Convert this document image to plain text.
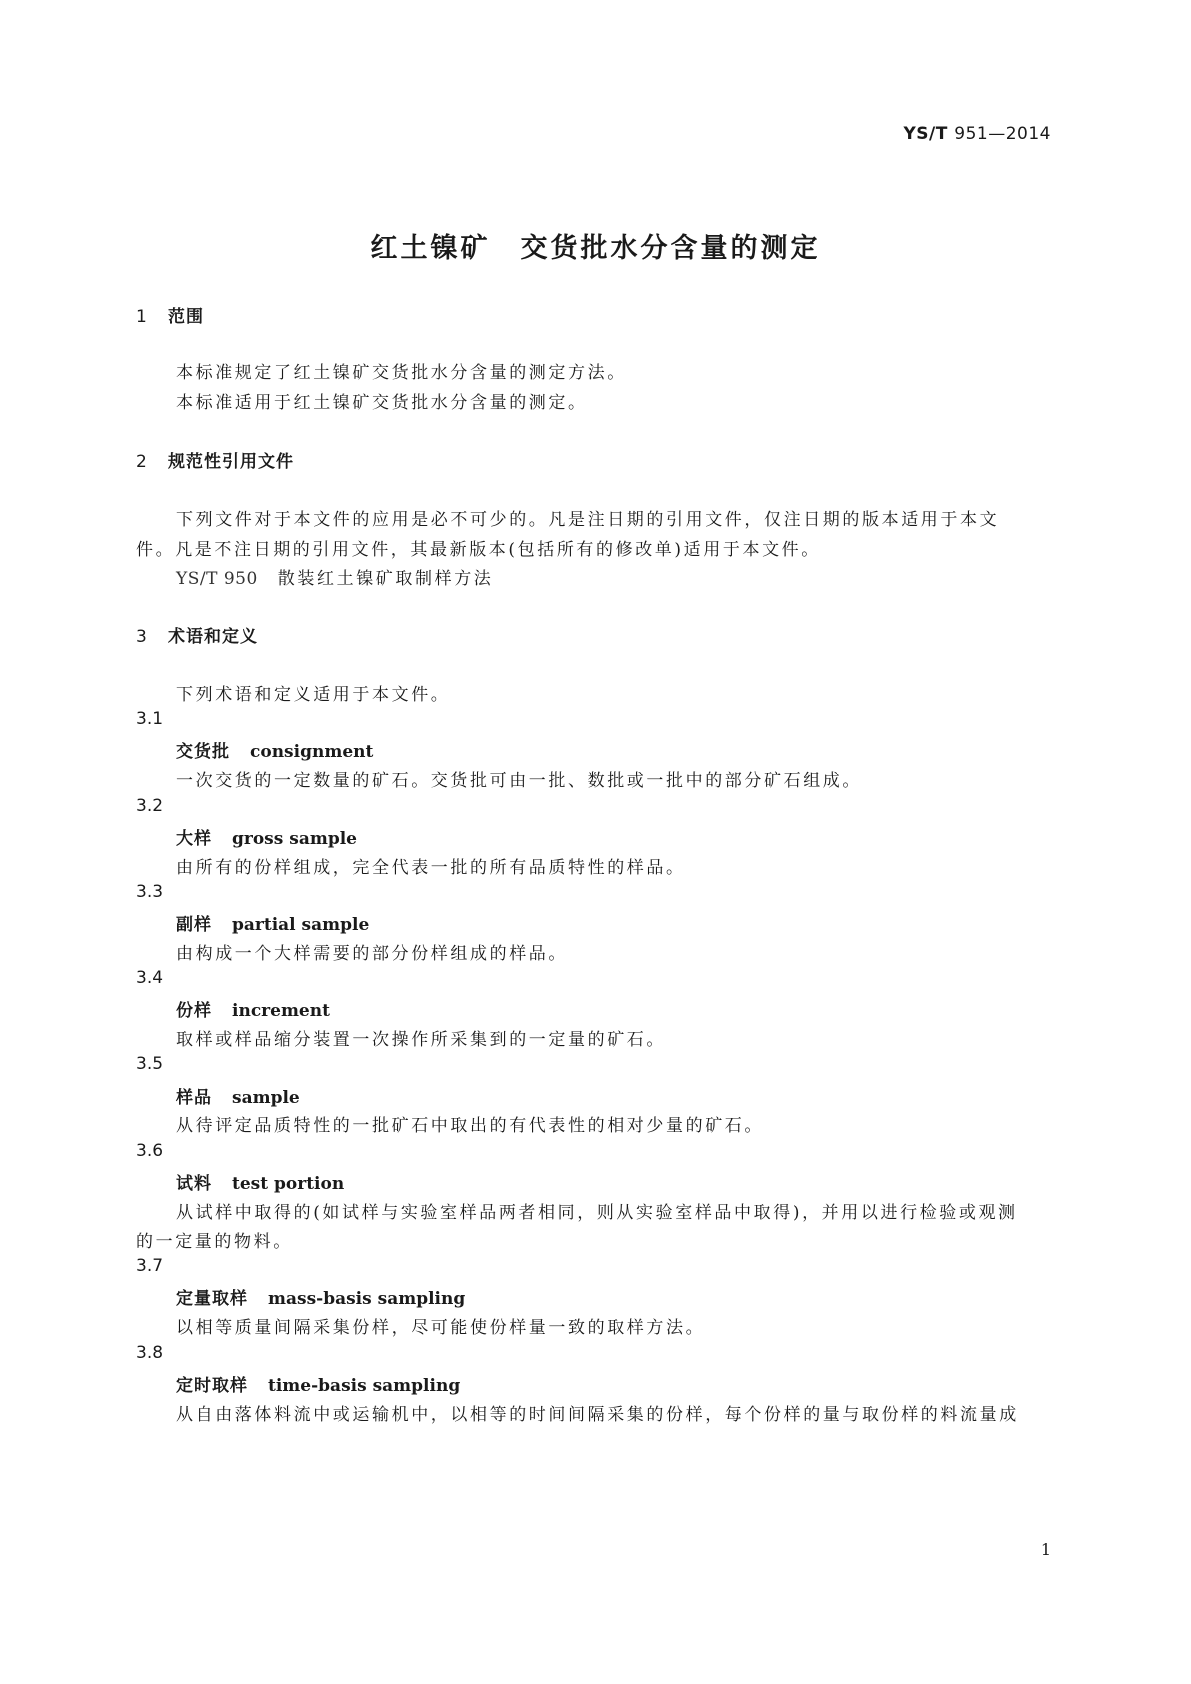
YS/T 951—2014
红土镍矿　交货批水分含量的测定
1 范围
本标准规定了红土镍矿交货批水分含量的测定方法。
本标准适用于红土镍矿交货批水分含量的测定。
2 规范性引用文件
下列文件对于本文件的应用是必不可少的。凡是注日期的引用文件，仅注日期的版本适用于本文
件。凡是不注日期的引用文件，其最新版本(包括所有的修改单)适用于本文件。
YS/T 950 散装红土镍矿取制样方法
3 术语和定义
下列术语和定义适用于本文件。
3.1
交货批 consignment
一次交货的一定数量的矿石。交货批可由一批、数批或一批中的部分矿石组成。
3.2
大样 gross sample
由所有的份样组成，完全代表一批的所有品质特性的样品。
3.3
副样 partial sample
由构成一个大样需要的部分份样组成的样品。
3.4
份样 increment
取样或样品缩分装置一次操作所采集到的一定量的矿石。
3.5
样品 sample
从待评定品质特性的一批矿石中取出的有代表性的相对少量的矿石。
3.6
试料 test portion
从试样中取得的(如试样与实验室样品两者相同，则从实验室样品中取得)，并用以进行检验或观测
的一定量的物料。
3.7
定量取样 mass-basis sampling
以相等质量间隔采集份样，尽可能使份样量一致的取样方法。
3.8
定时取样 time-basis sampling
从自由落体料流中或运输机中，以相等的时间间隔采集的份样，每个份样的量与取份样的料流量成
1
